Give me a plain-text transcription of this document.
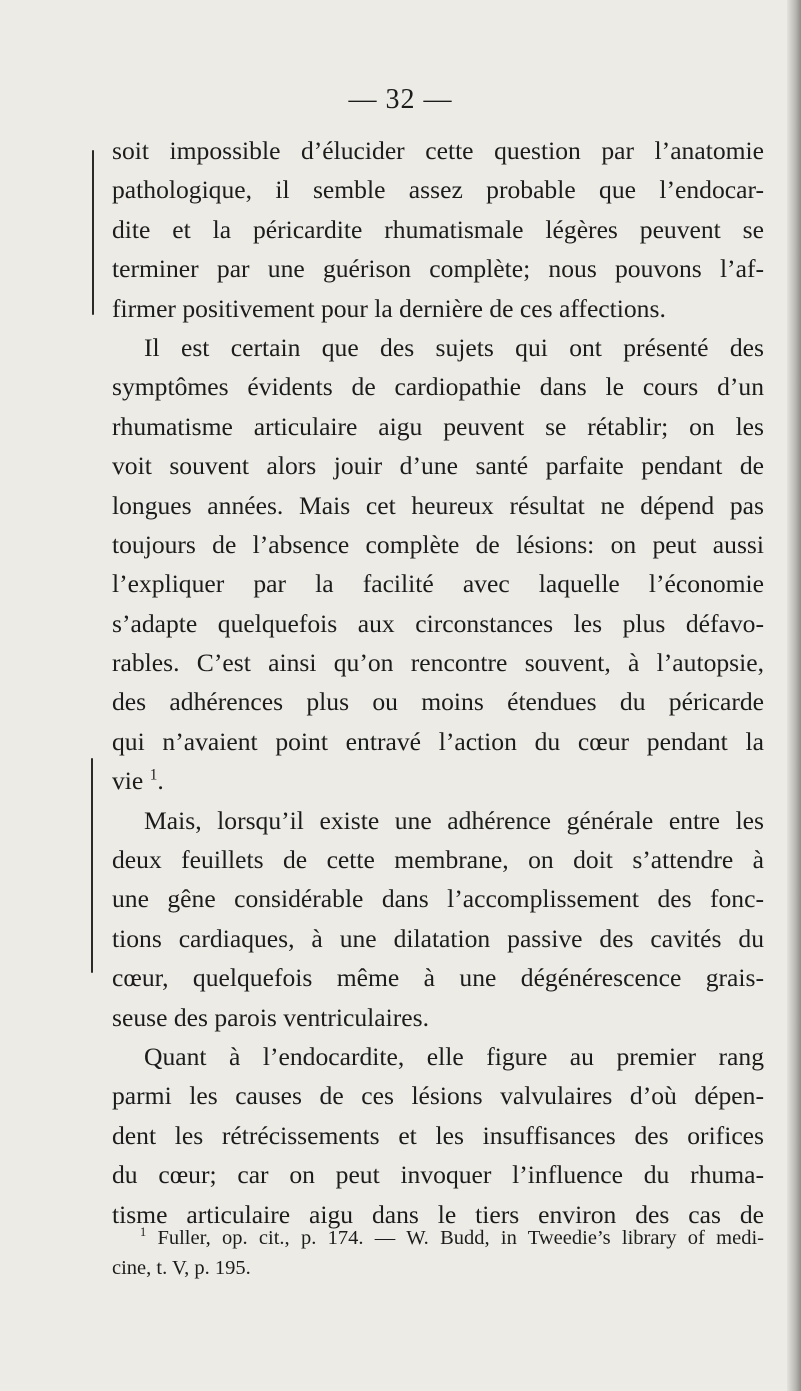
— 32 —
soit impossible d’élucider cette question par l’anatomie
pathologique, il semble assez probable que l’endocar-
dite et la péricardite rhumatismale légères peuvent se
terminer par une guérison complète; nous pouvons l’af-
firmer positivement pour la dernière de ces affections.
Il est certain que des sujets qui ont présenté des
symptômes évidents de cardiopathie dans le cours d’un
rhumatisme articulaire aigu peuvent se rétablir; on les
voit souvent alors jouir d’une santé parfaite pendant de
longues années. Mais cet heureux résultat ne dépend pas
toujours de l’absence complète de lésions: on peut aussi
l’expliquer par la facilité avec laquelle l’économie
s’adapte quelquefois aux circonstances les plus défavo-
rables. C’est ainsi qu’on rencontre souvent, à l’autopsie,
des adhérences plus ou moins étendues du péricarde
qui n’avaient point entravé l’action du cœur pendant la
vie $^1$.
Mais, lorsqu’il existe une adhérence générale entre les
deux feuillets de cette membrane, on doit s’attendre à
une gêne considérable dans l’accomplissement des fonc-
tions cardiaques, à une dilatation passive des cavités du
cœur, quelquefois même à une dégénérescence grais-
seuse des parois ventriculaires.
Quant à l’endocardite, elle figure au premier rang
parmi les causes de ces lésions valvulaires d’où dépen-
dent les rétrécissements et les insuffisances des orifices
du cœur; car on peut invoquer l’influence du rhuma-
tisme articulaire aigu dans le tiers environ des cas de
$^1$ Fuller, op. cit., p. 174. — W. Budd, in Tweedie’s library of medi-
cine, t. V, p. 195.
